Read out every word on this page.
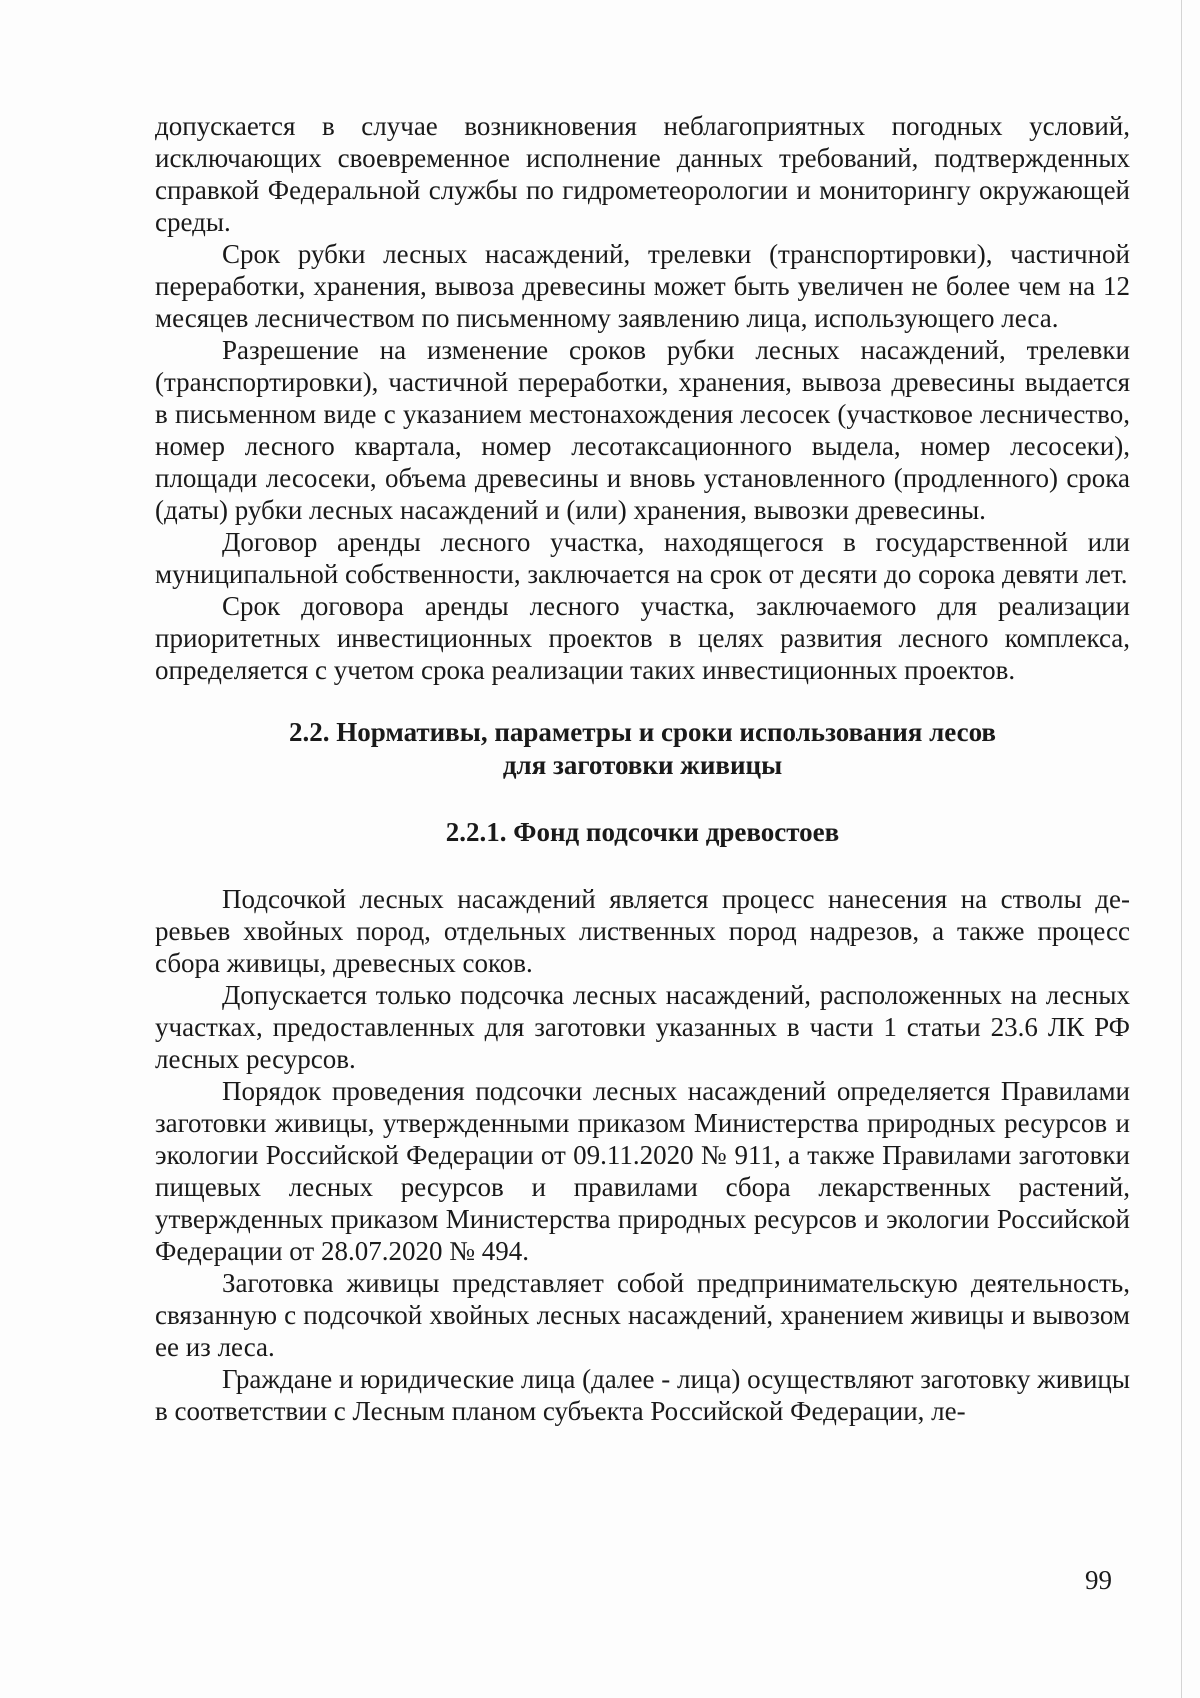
допускается в случае возникновения неблагоприятных погодных условий, исключающих своевременное исполнение данных требований, подтвержденных справкой Федеральной службы по гидрометеорологии и мониторингу окружающей среды.

Срок рубки лесных насаждений, трелевки (транспортировки), частичной переработки, хранения, вывоза древесины может быть увеличен не более чем на 12 месяцев лесничеством по письменному заявлению лица, использующего леса.

Разрешение на изменение сроков рубки лесных насаждений, трелевки (транспортировки), частичной переработки, хранения, вывоза древесины выдается в письменном виде с указанием местонахождения лесосек (участковое лесничество, номер лесного квартала, номер лесотаксационного выдела, номер лесосеки), площади лесосеки, объема древесины и вновь установленного (продленного) срока (даты) рубки лесных насаждений и (или) хранения, вывозки древесины.

Договор аренды лесного участка, находящегося в государственной или муниципальной собственности, заключается на срок от десяти до сорока девяти лет.

Срок договора аренды лесного участка, заключаемого для реализации приоритетных инвестиционных проектов в целях развития лесного комплекса, определяется с учетом срока реализации таких инвестиционных проектов.

2.2. Нормативы, параметры и сроки использования лесов
для заготовки живицы
2.2.1. Фонд подсочки древостоев

Подсочкой лесных насаждений является процесс нанесения на стволы деревьев хвойных пород, отдельных лиственных пород надрезов, а также процесс сбора живицы, древесных соков.

Допускается только подсочка лесных насаждений, расположенных на лесных участках, предоставленных для заготовки указанных в части 1 статьи 23.6 ЛК РФ лесных ресурсов.

Порядок проведения подсочки лесных насаждений определяется Правилами заготовки живицы, утвержденными приказом Министерства природных ресурсов и экологии Российской Федерации от 09.11.2020 № 911, а также Правилами заготовки пищевых лесных ресурсов и правилами сбора лекарственных растений, утвержденных приказом Министерства природных ресурсов и экологии Российской Федерации от 28.07.2020 № 494.

Заготовка живицы представляет собой предпринимательскую деятельность, связанную с подсочкой хвойных лесных насаждений, хранением живицы и вывозом ее из леса.

Граждане и юридические лица (далее - лица) осуществляют заготовку живицы в соответствии с Лесным планом субъекта Российской Федерации, ле-

99
